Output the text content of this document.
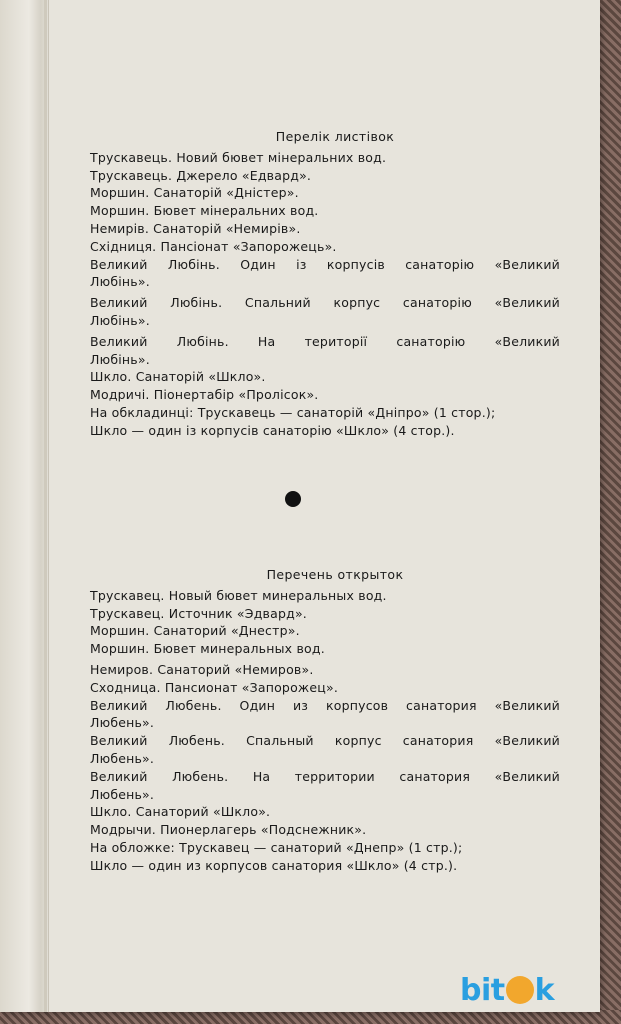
Перелік листівок

Трускавець. Новий бювет мінеральних вод.

Трускавець. Джерело «Едвард».

Моршин. Санаторій «Дністер».

Моршин. Бювет мінеральних вод.

Немирів. Санаторій «Немирів».

Східниця. Пансіонат «Запорожець».

Великий Любінь. Один із корпусів санаторію «Великий

Любінь».

Великий Любінь. Спальний корпус санаторію «Великий

Любінь».

Великий Любінь. На території санаторію «Великий

Любінь».

Шкло. Санаторій «Шкло».

Модричі. Піонертабір «Пролісок».

На обкладинці: Трускавець — санаторій «Дніпро» (1 стор.);

Шкло — один із корпусів санаторію «Шкло» (4 стор.).

Перечень открыток

Трускавец. Новый бювет минеральных вод.

Трускавец. Источник «Эдвард».

Моршин. Санаторий «Днестр».

Моршин. Бювет минеральных вод.

Немиров. Санаторий «Немиров».

Сходница. Пансионат «Запорожец».

Великий Любень. Один из корпусов санатория «Великий

Любень».

Великий Любень. Спальный корпус санатория «Великий

Любень».

Великий Любень. На территории санатория «Великий

Любень».

Шкло. Санаторий «Шкло».

Модрычи. Пионерлагерь «Подснежник».

На обложке: Трускавец — санаторий «Днепр» (1 стр.);

Шкло — один из корпусов санатория «Шкло» (4 стр.).

bit k
